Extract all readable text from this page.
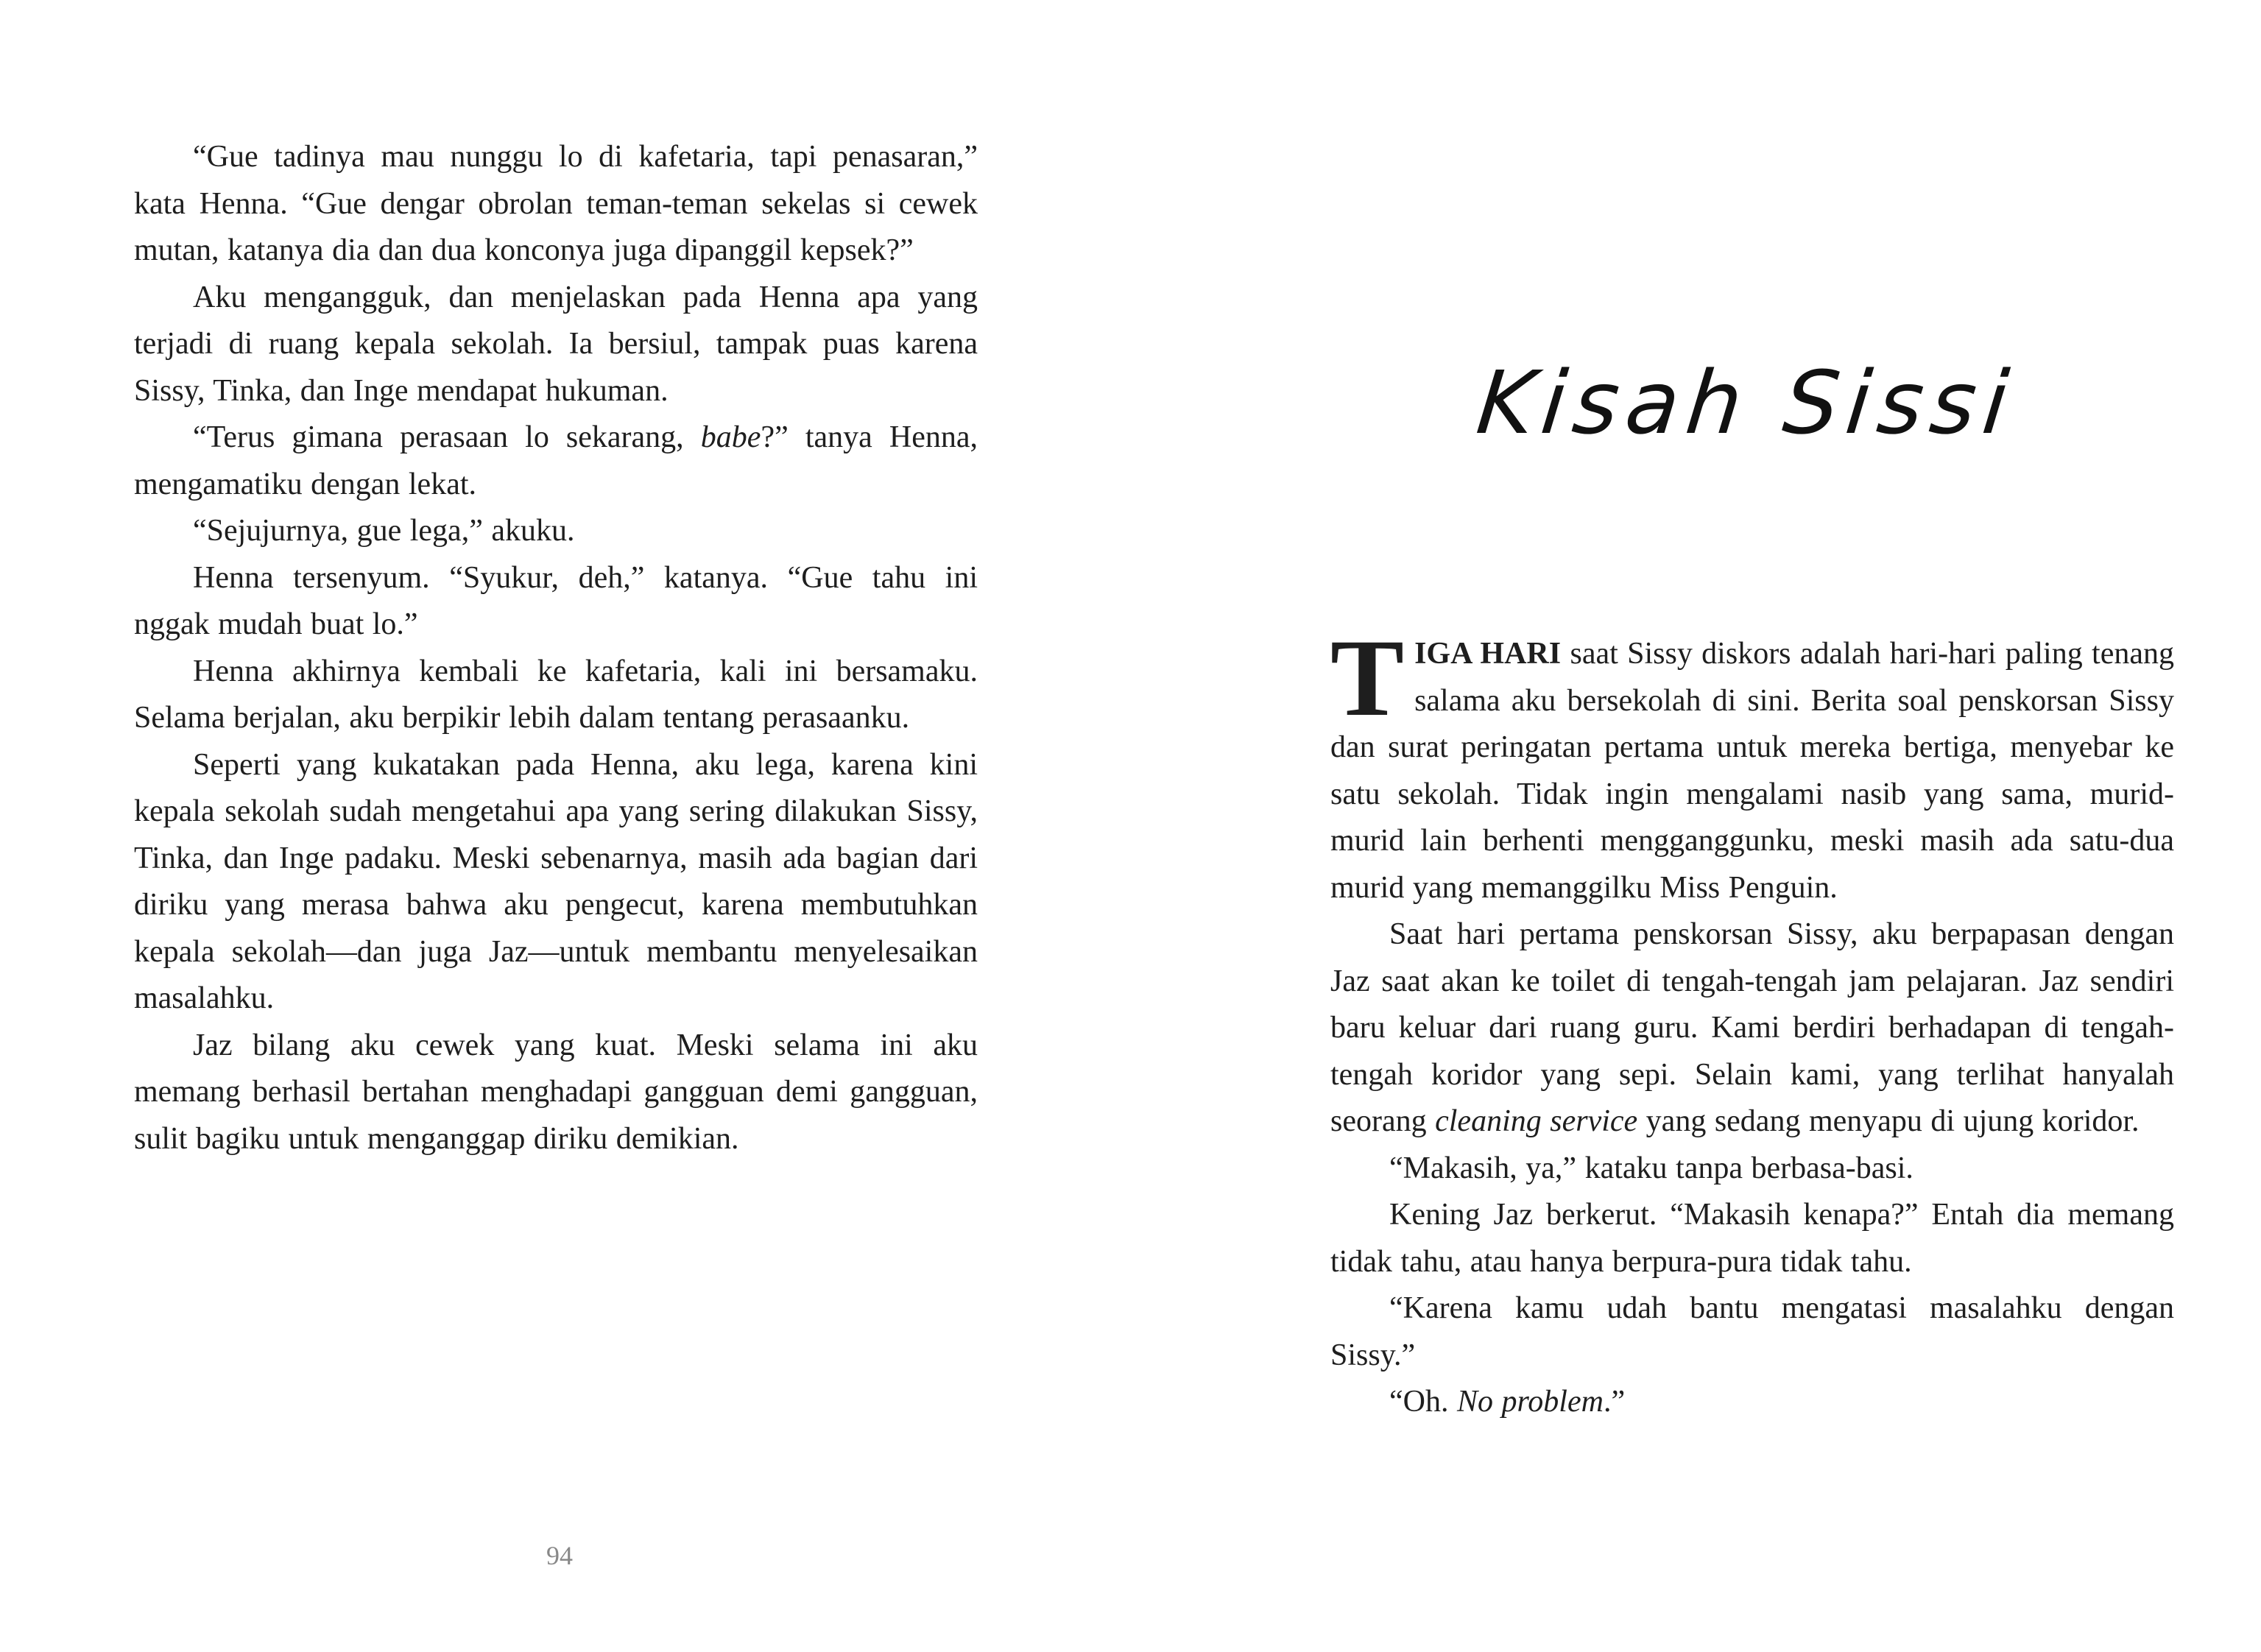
“Gue tadinya mau nunggu lo di kafetaria, tapi penasaran,” kata Henna. “Gue dengar obrolan teman-teman sekelas si cewek mutan, katanya dia dan dua konconya juga dipanggil kepsek?”

Aku mengangguk, dan menjelaskan pada Henna apa yang terjadi di ruang kepala sekolah. Ia bersiul, tampak puas karena Sissy, Tinka, dan Inge mendapat hukuman.

“Terus gimana perasaan lo sekarang, babe?” tanya Henna, mengamatiku dengan lekat.

“Sejujurnya, gue lega,” akuku.

Henna tersenyum. “Syukur, deh,” katanya. “Gue tahu ini nggak mudah buat lo.”

Henna akhirnya kembali ke kafetaria, kali ini bersamaku. Selama berjalan, aku berpikir lebih dalam tentang perasaanku.

Seperti yang kukatakan pada Henna, aku lega, karena kini kepala sekolah sudah mengetahui apa yang sering dilakukan Sissy, Tinka, dan Inge padaku. Meski sebenarnya, masih ada bagian dari diriku yang merasa bahwa aku pengecut, karena membutuhkan kepala sekolah—dan juga Jaz—untuk membantu menyelesaikan masalahku.

Jaz bilang aku cewek yang kuat. Meski selama ini aku memang berhasil bertahan menghadapi gangguan demi gangguan, sulit bagiku untuk menganggap diriku demikian.

94
Kisah Sissi

TIGA HARI saat Sissy diskors adalah hari-hari paling tenang salama aku bersekolah di sini. Berita soal penskorsan Sissy dan surat peringatan pertama untuk mereka bertiga, menyebar ke satu sekolah. Tidak ingin mengalami nasib yang sama, murid-murid lain berhenti mengganggunku, meski masih ada satu-dua murid yang memanggilku Miss Penguin.

Saat hari pertama penskorsan Sissy, aku berpapasan dengan Jaz saat akan ke toilet di tengah-tengah jam pelajaran. Jaz sendiri baru keluar dari ruang guru. Kami berdiri berhadapan di tengah-tengah koridor yang sepi. Selain kami, yang terlihat hanyalah seorang cleaning service yang sedang menyapu di ujung koridor.

“Makasih, ya,” kataku tanpa berbasa-basi.

Kening Jaz berkerut. “Makasih kenapa?” Entah dia memang tidak tahu, atau hanya berpura-pura tidak tahu.

“Karena kamu udah bantu mengatasi masalahku dengan Sissy.”

“Oh. No problem.”
